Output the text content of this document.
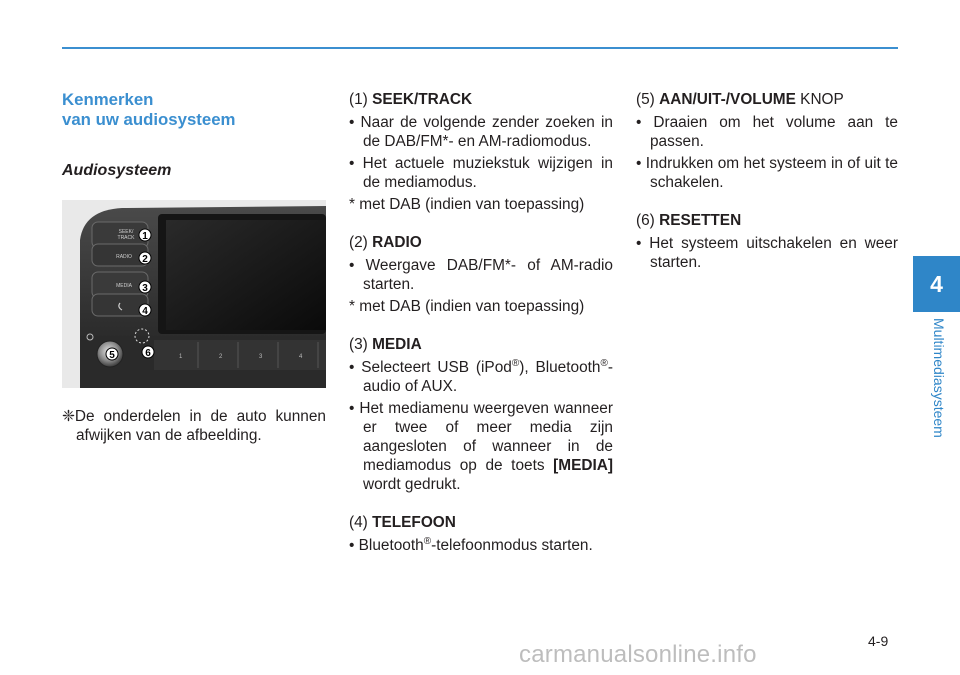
4
Multimediasysteem
Kenmerken
van uw audiosysteem
Audiosysteem
SEEK/
TRACK
RADIO
MEDIA
1	2	3	4
1
2
3
4
5	6
❈De onderdelen in de auto kunnen afwijken van de afbeelding.
(1) SEEK/TRACK
• Naar de volgende zender zoeken in de DAB/FM*- en AM-radiomodus.
• Het actuele muziekstuk wijzigen in de mediamodus.
* met DAB (indien van toepassing)
(2) RADIO
• Weergave DAB/FM*- of AM-radio starten.
* met DAB (indien van toepassing)
(3) MEDIA
• Selecteert USB (iPod®), Bluetooth®-audio of AUX.
• Het mediamenu weergeven wanneer er twee of meer media zijn aangesloten of wanneer in de mediamodus op de toets [MEDIA] wordt gedrukt.
(4) TELEFOON
• Bluetooth®-telefoonmodus starten.
(5) AAN/UIT-/VOLUME KNOP
• Draaien om het volume aan te passen.
• Indrukken om het systeem in of uit te schakelen.
(6) RESETTEN
• Het systeem uitschakelen en weer starten.
4-9
carmanualsonline.info
